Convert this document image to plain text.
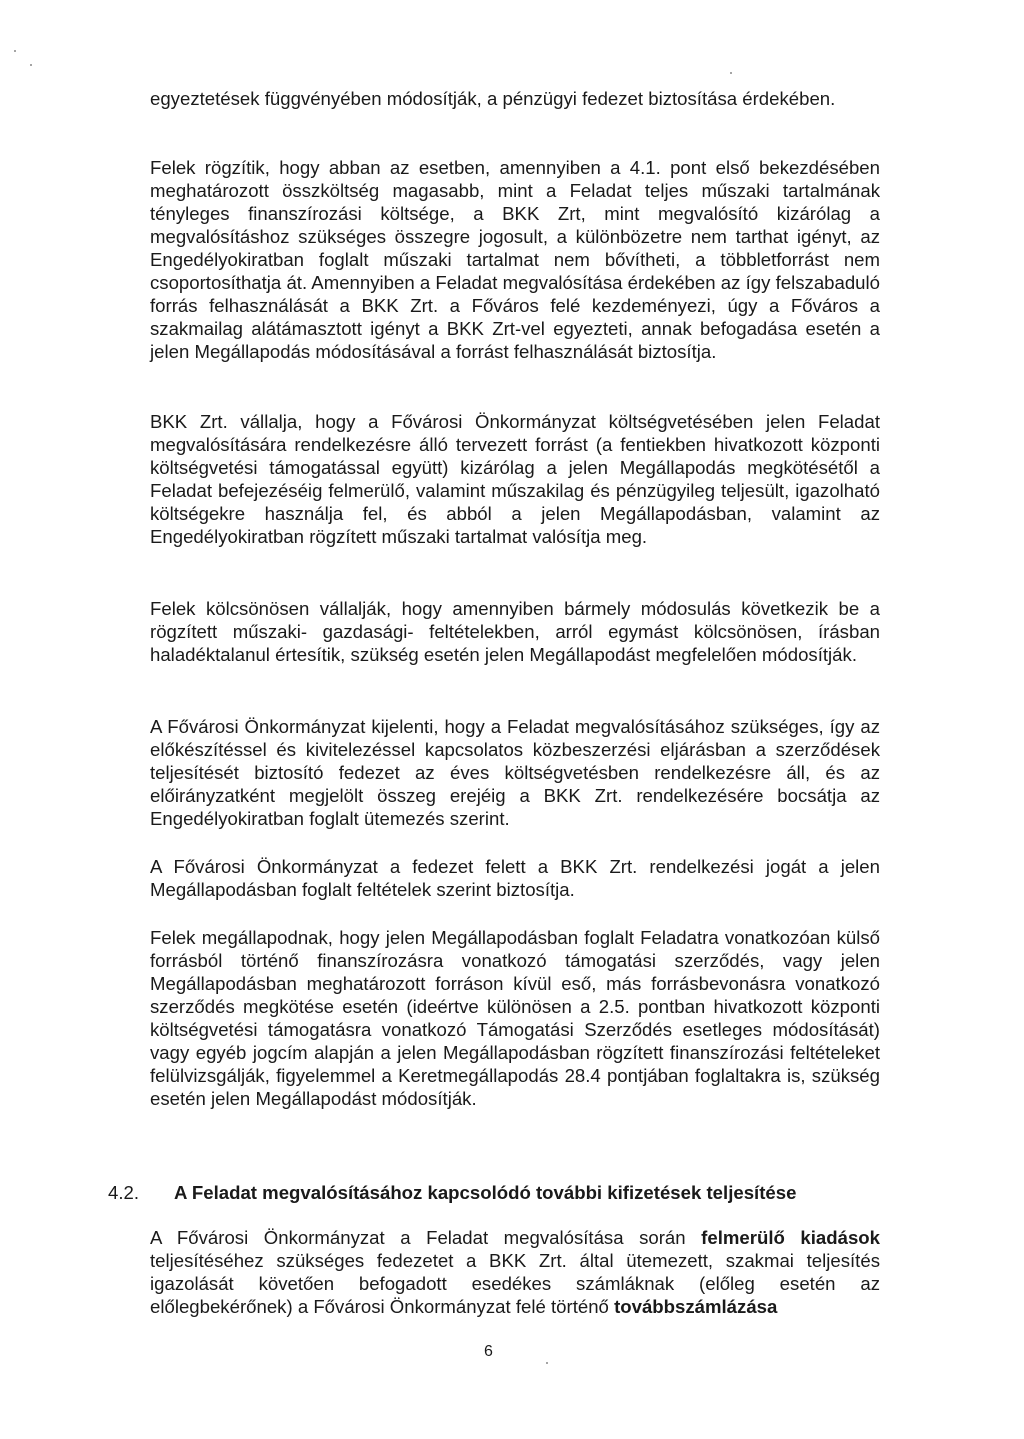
egyeztetések függvényében módosítják, a pénzügyi fedezet biztosítása érdekében.

Felek rögzítik, hogy abban az esetben, amennyiben a 4.1. pont első bekezdésében meghatározott összköltség magasabb, mint a Feladat teljes műszaki tartalmának tényleges finanszírozási költsége, a BKK Zrt, mint megvalósító kizárólag a megvalósításhoz szükséges összegre jogosult, a különbözetre nem tarthat igényt, az Engedélyokiratban foglalt műszaki tartalmat nem bővítheti, a többletforrást nem csoportosíthatja át. Amennyiben a Feladat megvalósítása érdekében az így felszabaduló forrás felhasználását a BKK Zrt. a Főváros felé kezdeményezi, úgy a Főváros a szakmailag alátámasztott igényt a BKK Zrt-vel egyezteti, annak befogadása esetén a jelen Megállapodás módosításával a forrást felhasználását biztosítja.

BKK Zrt. vállalja, hogy a Fővárosi Önkormányzat költségvetésében jelen Feladat megvalósítására rendelkezésre álló tervezett forrást (a fentiekben hivatkozott központi költségvetési támogatással együtt) kizárólag a jelen Megállapodás megkötésétől a Feladat befejezéséig felmerülő, valamint műszakilag és pénzügyileg teljesült, igazolható költségekre használja fel, és abból a jelen Megállapodásban, valamint az Engedélyokiratban rögzített műszaki tartalmat valósítja meg.

Felek kölcsönösen vállalják, hogy amennyiben bármely módosulás következik be a rögzített műszaki- gazdasági- feltételekben, arról egymást kölcsönösen, írásban haladéktalanul értesítik, szükség esetén jelen Megállapodást megfelelően módosítják.

A Fővárosi Önkormányzat kijelenti, hogy a Feladat megvalósításához szükséges, így az előkészítéssel és kivitelezéssel kapcsolatos közbeszerzési eljárásban a szerződések teljesítését biztosító fedezet az éves költségvetésben rendelkezésre áll, és az előirányzatként megjelölt összeg erejéig a BKK Zrt. rendelkezésére bocsátja az Engedélyokiratban foglalt ütemezés szerint.

A Fővárosi Önkormányzat a fedezet felett a BKK Zrt. rendelkezési jogát a jelen Megállapodásban foglalt feltételek szerint biztosítja.

Felek megállapodnak, hogy jelen Megállapodásban foglalt Feladatra vonatkozóan külső forrásból történő finanszírozásra vonatkozó támogatási szerződés, vagy jelen Megállapodásban meghatározott forráson kívül eső, más forrásbevonásra vonatkozó szerződés megkötése esetén (ideértve különösen a 2.5. pontban hivatkozott központi költségvetési támogatásra vonatkozó Támogatási Szerződés esetleges módosítását) vagy egyéb jogcím alapján a jelen Megállapodásban rögzített finanszírozási feltételeket felülvizsgálják, figyelemmel a Keretmegállapodás 28.4 pontjában foglaltakra is, szükség esetén jelen Megállapodást módosítják.

4.2. A Feladat megvalósításához kapcsolódó további kifizetések teljesítése

A Fővárosi Önkormányzat a Feladat megvalósítása során felmerülő kiadások teljesítéséhez szükséges fedezetet a BKK Zrt. által ütemezett, szakmai teljesítés igazolását követően befogadott esedékes számláknak (előleg esetén az előlegbekérőnek) a Fővárosi Önkormányzat felé történő továbbszámlázása

6
